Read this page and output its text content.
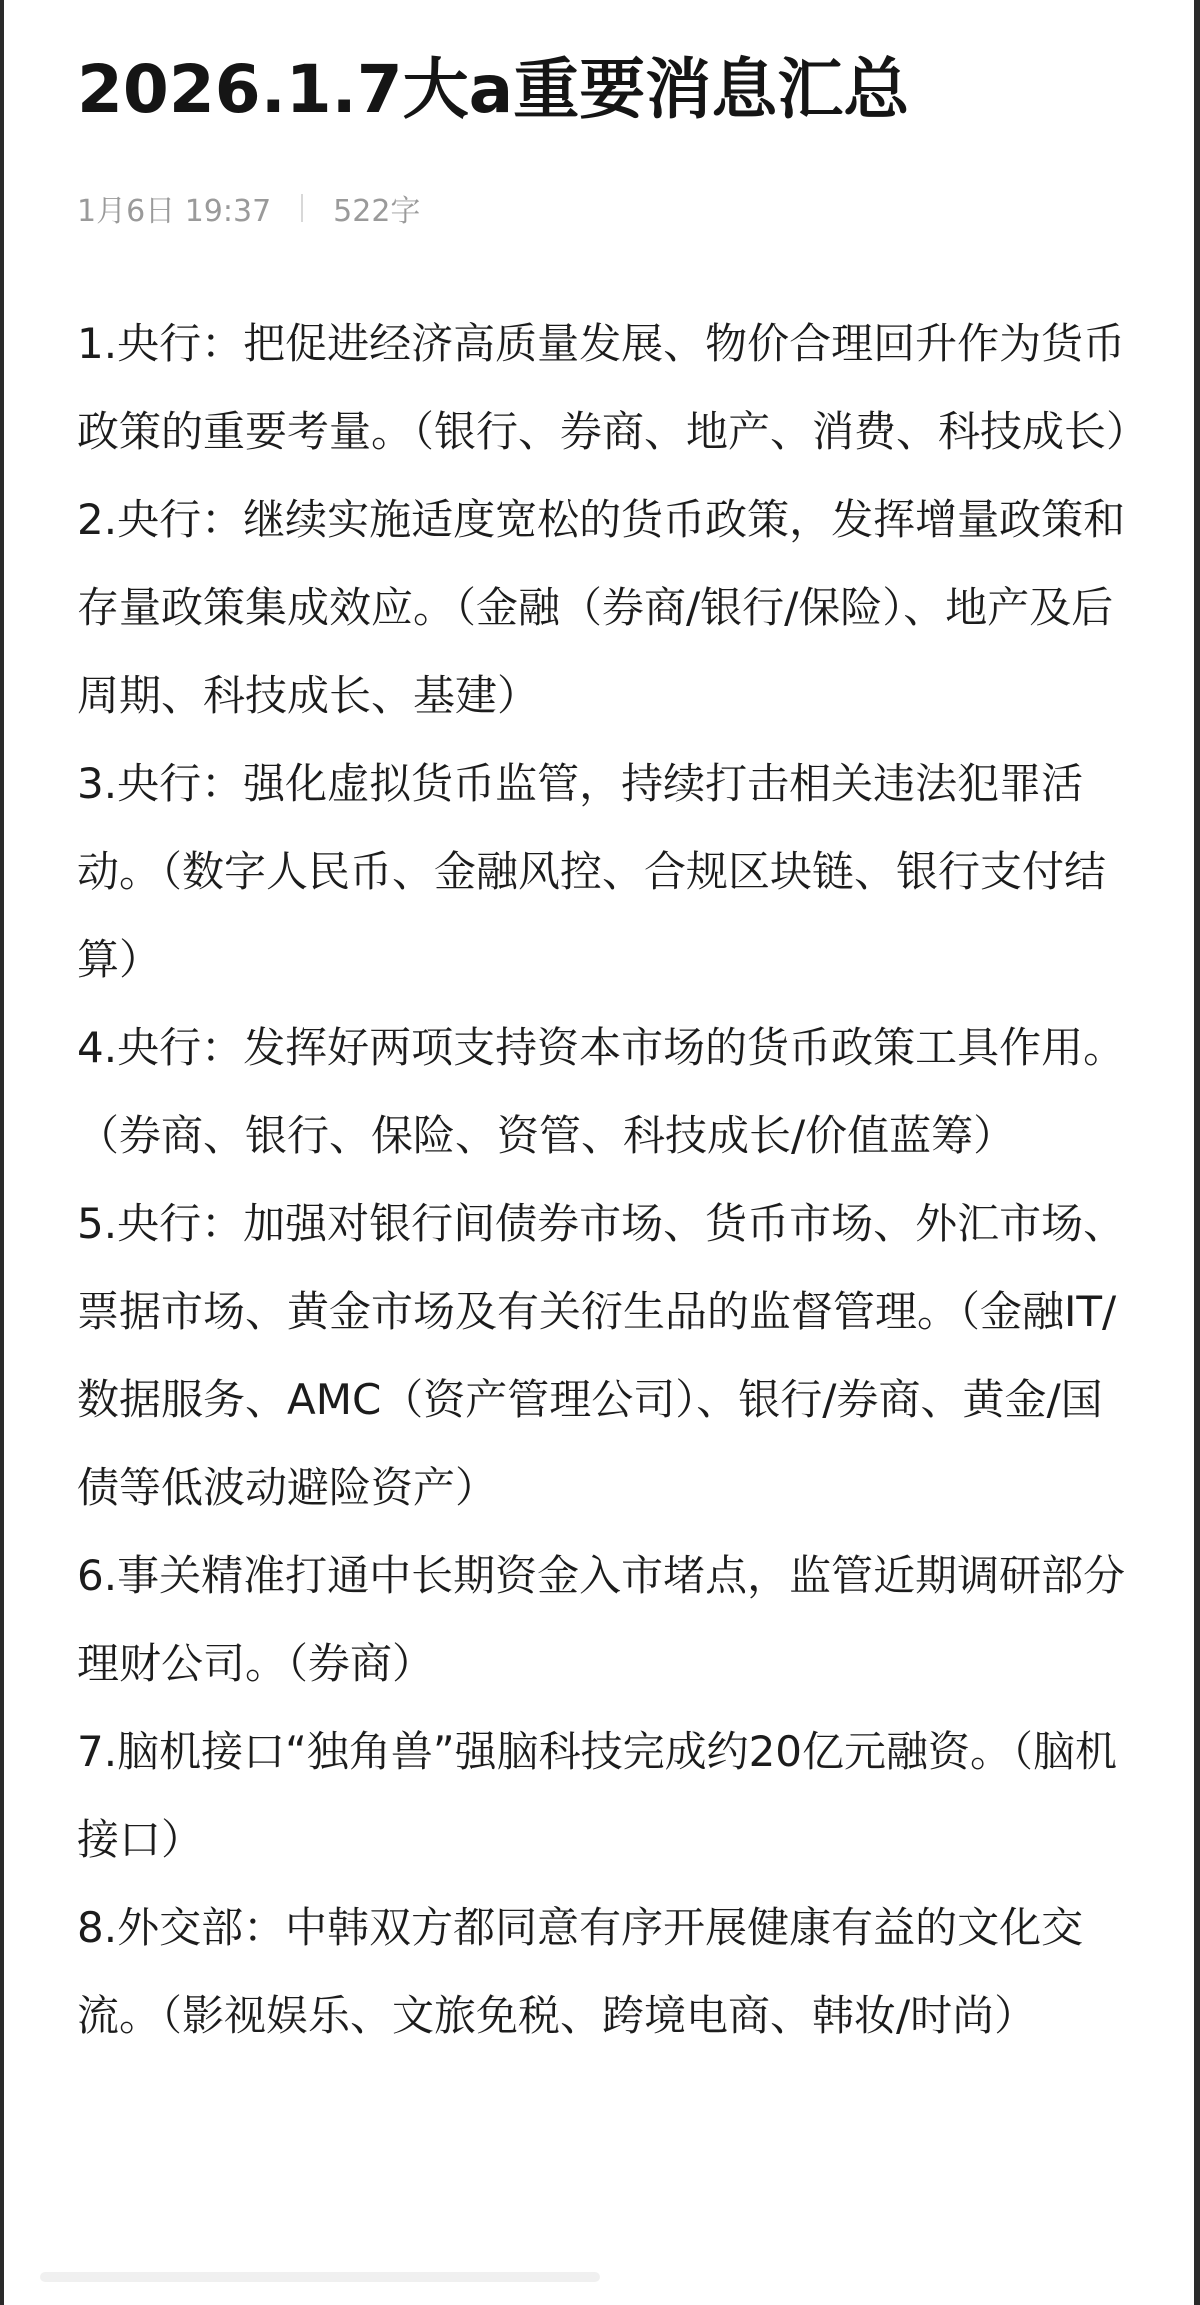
2026.1.7大a重要消息汇总
1月6日 19:37 522字

1.央行：把促进经济高质量发展、物价合理回升作为货币政策的重要考量。（银行、券商、地产、消费、科技成长）

2.央行：继续实施适度宽松的货币政策，发挥增量政策和存量政策集成效应。（金融（券商/银行/保险）、地产及后周期、科技成长、基建）

3.央行：强化虚拟货币监管，持续打击相关违法犯罪活动。（数字人民币、金融风控、合规区块链、银行支付结算）

4.央行：发挥好两项支持资本市场的货币政策工具作用。（券商、银行、保险、资管、科技成长/价值蓝筹）

5.央行：加强对银行间债券市场、货币市场、外汇市场、票据市场、黄金市场及有关衍生品的监督管理。（金融IT/数据服务、AMC（资产管理公司）、银行/券商、黄金/国债等低波动避险资产）

6.事关精准打通中长期资金入市堵点，监管近期调研部分理财公司。（券商）

7.脑机接口“独角兽”强脑科技完成约20亿元融资。（脑机接口）

8.外交部：中韩双方都同意有序开展健康有益的文化交流。（影视娱乐、文旅免税、跨境电商、韩妆/时尚）
